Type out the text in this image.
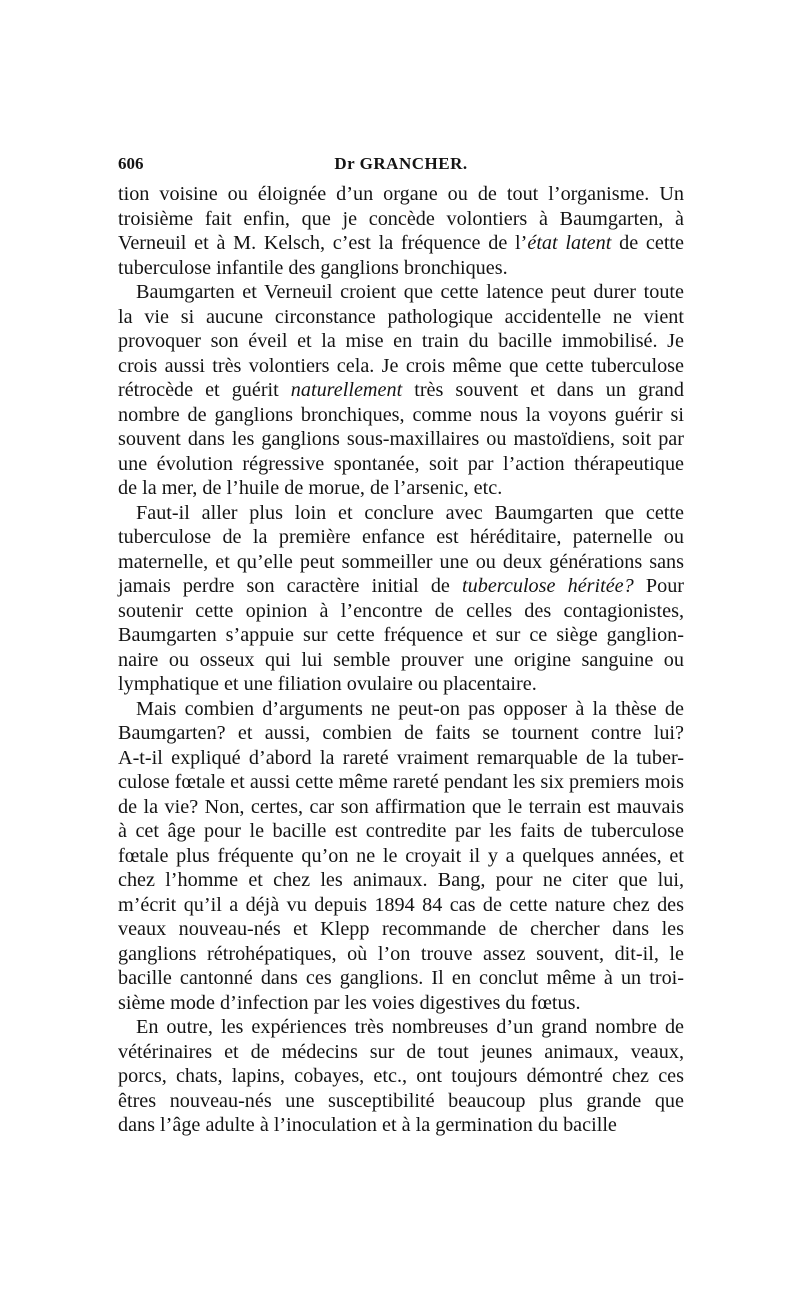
606	Dr GRANCHER.
tion voisine ou éloignée d’un organe ou de tout l’organisme. Un
troisième fait enfin, que je concède volontiers à Baumgarten, à
Verneuil et à M. Kelsch, c’est la fréquence de l’état latent de cette
tuberculose infantile des ganglions bronchiques.
Baumgarten et Verneuil croient que cette latence peut durer toute
la vie si aucune circonstance pathologique accidentelle ne vient
provoquer son éveil et la mise en train du bacille immobilisé. Je
crois aussi très volontiers cela. Je crois même que cette tuberculose
rétrocède et guérit naturellement très souvent et dans un grand
nombre de ganglions bronchiques, comme nous la voyons guérir si
souvent dans les ganglions sous-maxillaires ou mastoïdiens, soit par
une évolution régressive spontanée, soit par l’action thérapeutique
de la mer, de l’huile de morue, de l’arsenic, etc.
Faut-il aller plus loin et conclure avec Baumgarten que cette
tuberculose de la première enfance est héréditaire, paternelle ou
maternelle, et qu’elle peut sommeiller une ou deux générations sans
jamais perdre son caractère initial de tuberculose héritée? Pour
soutenir cette opinion à l’encontre de celles des contagionistes,
Baumgarten s’appuie sur cette fréquence et sur ce siège ganglion-
naire ou osseux qui lui semble prouver une origine sanguine ou
lymphatique et une filiation ovulaire ou placentaire.
Mais combien d’arguments ne peut-on pas opposer à la thèse de
Baumgarten? et aussi, combien de faits se tournent contre lui?
A-t-il expliqué d’abord la rareté vraiment remarquable de la tuber-
culose fœtale et aussi cette même rareté pendant les six premiers mois
de la vie? Non, certes, car son affirmation que le terrain est mauvais
à cet âge pour le bacille est contredite par les faits de tuberculose
fœtale plus fréquente qu’on ne le croyait il y a quelques années, et
chez l’homme et chez les animaux. Bang, pour ne citer que lui,
m’écrit qu’il a déjà vu depuis 1894 84 cas de cette nature chez des
veaux nouveau-nés et Klepp recommande de chercher dans les
ganglions rétrohépatiques, où l’on trouve assez souvent, dit-il, le
bacille cantonné dans ces ganglions. Il en conclut même à un troi-
sième mode d’infection par les voies digestives du fœtus.
En outre, les expériences très nombreuses d’un grand nombre de
vétérinaires et de médecins sur de tout jeunes animaux, veaux,
porcs, chats, lapins, cobayes, etc., ont toujours démontré chez ces
êtres nouveau-nés une susceptibilité beaucoup plus grande que
dans l’âge adulte à l’inoculation et à la germination du bacille
